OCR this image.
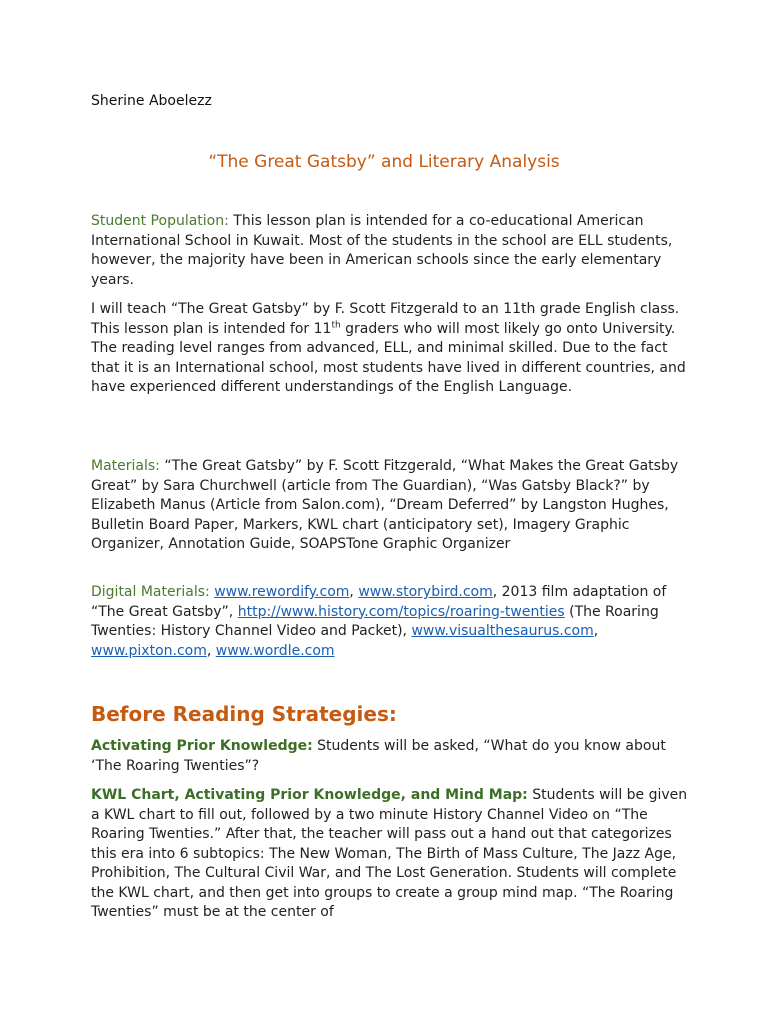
Sherine Aboelezz
“The Great Gatsby” and Literary Analysis
Student Population: This lesson plan is intended for a co-educational American International School in Kuwait. Most of the students in the school are ELL students, however, the majority have been in American schools since the early elementary years.
I will teach “The Great Gatsby” by F. Scott Fitzgerald to an 11th grade English class. This lesson plan is intended for 11th graders who will most likely go onto University. The reading level ranges from advanced, ELL, and minimal skilled. Due to the fact that it is an International school, most students have lived in different countries, and have experienced different understandings of the English Language.
Materials: “The Great Gatsby” by F. Scott Fitzgerald, “What Makes the Great Gatsby Great” by Sara Churchwell (article from The Guardian), “Was Gatsby Black?” by Elizabeth Manus (Article from Salon.com), “Dream Deferred” by Langston Hughes, Bulletin Board Paper, Markers, KWL chart (anticipatory set), Imagery Graphic Organizer, Annotation Guide, SOAPSTone Graphic Organizer
Digital Materials: www.rewordify.com, www.storybird.com, 2013 film adaptation of “The Great Gatsby”, http://www.history.com/topics/roaring-twenties (The Roaring Twenties: History Channel Video and Packet), www.visualthesaurus.com, www.pixton.com, www.wordle.com
Before Reading Strategies:
Activating Prior Knowledge: Students will be asked, “What do you know about ‘The Roaring Twenties”?
KWL Chart, Activating Prior Knowledge, and Mind Map: Students will be given a KWL chart to fill out, followed by a two minute History Channel Video on “The Roaring Twenties.” After that, the teacher will pass out a hand out that categorizes this era into 6 subtopics: The New Woman, The Birth of Mass Culture, The Jazz Age, Prohibition, The Cultural Civil War, and The Lost Generation. Students will complete the KWL chart, and then get into groups to create a group mind map. “The Roaring Twenties” must be at the center of
